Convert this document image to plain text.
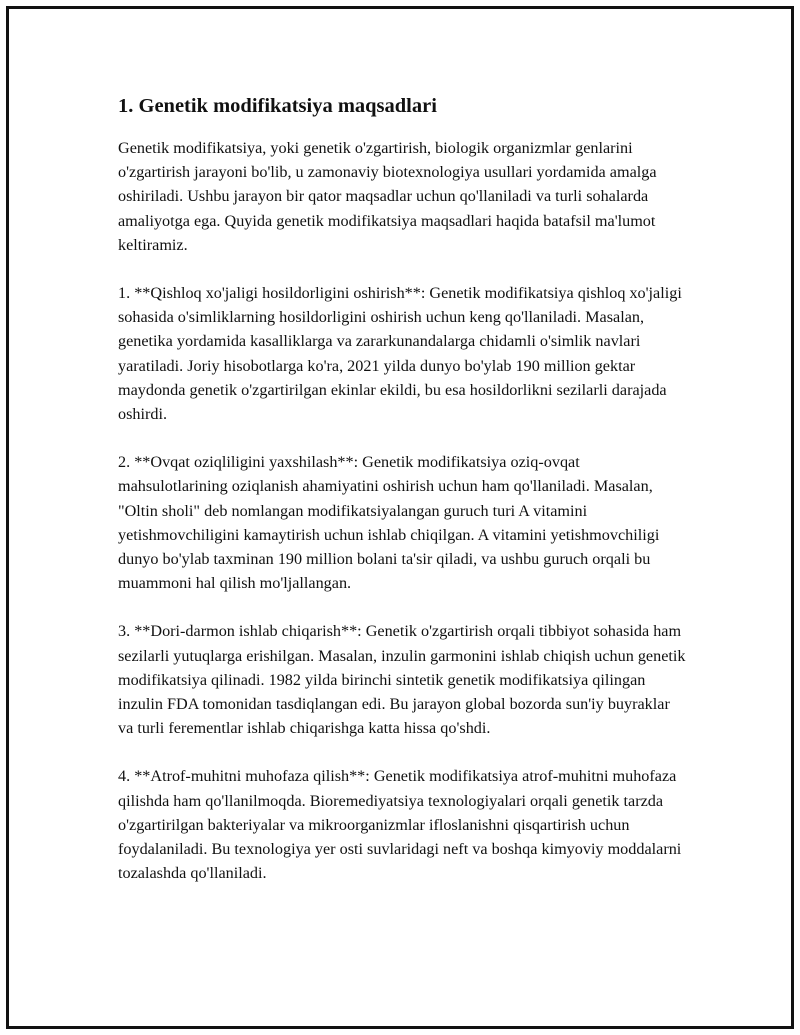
1. Genetik modifikatsiya maqsadlari

Genetik modifikatsiya, yoki genetik o'zgartirish, biologik organizmlar genlarini o'zgartirish jarayoni bo'lib, u zamonaviy biotexnologiya usullari yordamida amalga oshiriladi. Ushbu jarayon bir qator maqsadlar uchun qo'llaniladi va turli sohalarda amaliyotga ega. Quyida genetik modifikatsiya maqsadlari haqida batafsil ma'lumot keltiramiz.

1. **Qishloq xo'jaligi hosildorligini oshirish**: Genetik modifikatsiya qishloq xo'jaligi sohasida o'simliklarning hosildorligini oshirish uchun keng qo'llaniladi. Masalan, genetika yordamida kasalliklarga va zararkunandalarga chidamli o'simlik navlari yaratiladi. Joriy hisobotlarga ko'ra, 2021 yilda dunyo bo'ylab 190 million gektar maydonda genetik o'zgartirilgan ekinlar ekildi, bu esa hosildorlikni sezilarli darajada oshirdi.

2. **Ovqat oziqliligini yaxshilash**: Genetik modifikatsiya oziq-ovqat mahsulotlarining oziqlanish ahamiyatini oshirish uchun ham qo'llaniladi. Masalan, "Oltin sholi" deb nomlangan modifikatsiyalangan guruch turi A vitamini yetishmovchiligini kamaytirish uchun ishlab chiqilgan. A vitamini yetishmovchiligi dunyo bo'ylab taxminan 190 million bolani ta'sir qiladi, va ushbu guruch orqali bu muammoni hal qilish mo'ljallangan.

3. **Dori-darmon ishlab chiqarish**: Genetik o'zgartirish orqali tibbiyot sohasida ham sezilarli yutuqlarga erishilgan. Masalan, inzulin garmonini ishlab chiqish uchun genetik modifikatsiya qilinadi. 1982 yilda birinchi sintetik genetik modifikatsiya qilingan inzulin FDA tomonidan tasdiqlangan edi. Bu jarayon global bozorda sun'iy buyraklar va turli ferementlar ishlab chiqarishga katta hissa qo'shdi.

4. **Atrof-muhitni muhofaza qilish**: Genetik modifikatsiya atrof-muhitni muhofaza qilishda ham qo'llanilmoqda. Bioremediyatsiya texnologiyalari orqali genetik tarzda o'zgartirilgan bakteriyalar va mikroorganizmlar ifloslanishni qisqartirish uchun foydalaniladi. Bu texnologiya yer osti suvlaridagi neft va boshqa kimyoviy moddalarni tozalashda qo'llaniladi.
